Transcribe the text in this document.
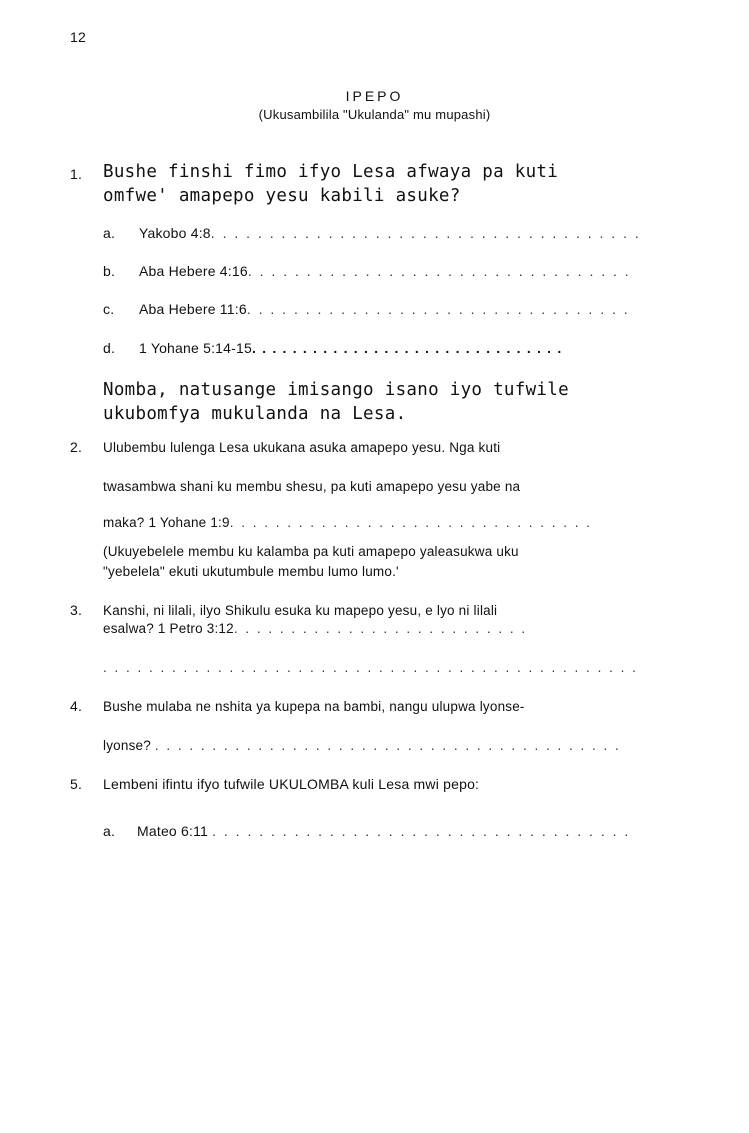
12
IPEPO
(Ukusambilila "Ukulanda" mu mupashi)
1. Bushe finshi fimo ifyo Lesa afwaya pa kuti
omfwe' amapepo yesu kabili asuke?
a. Yakobo 4:8. . . . . . . . . . . . . . . . . . . . . . . . . . . . . . . . . . . . .
b. Aba Hebere 4:16. . . . . . . . . . . . . . . . . . . . . . . . . . . . . . . . .
c. Aba Hebere 11:6. . . . . . . . . . . . . . . . . . . . . . . . . . . . . . . . .
d. 1 Yohane 5:14-15. . . . . . . . . . . . . . . . . . . . . . . . . . . . . . .
Nomba, natusange imisango isano iyo tufwile
ukubomfya mukulanda na Lesa.
2. Ulubembu lulenga Lesa ukukana asuka amapepo yesu. Nga kuti
twasambwa shani ku membu shesu, pa kuti amapepo yesu yabe na
maka? 1 Yohane 1:9. . . . . . . . . . . . . . . . . . . . . . . . . . . . . . . .
(Ukuyebelele membu ku kalamba pa kuti amapepo yaleasukwa uku
"yebelela" ekuti ukutumbule membu lumo lumo.'
3. Kanshi, ni lilali, ilyo Shikulu esuka ku mapepo yesu, e lyo ni lilali
esalwa? 1 Petro 3:12. . . . . . . . . . . . . . . . . . . . . . . . . .
. . . . . . . . . . . . . . . . . . . . . . . . . . . . . . . . . . . . . . . . . . . . . . .
4. Bushe mulaba ne nshita ya kupepa na bambi, nangu ulupwa lyonse-
lyonse? . . . . . . . . . . . . . . . . . . . . . . . . . . . . . . . . . . . . . . . . .
5. Lembeni ifintu ifyo tufwile UKULOMBA kuli Lesa mwi pepo:
a. Mateo 6:11 . . . . . . . . . . . . . . . . . . . . . . . . . . . . . . . . . . . .
